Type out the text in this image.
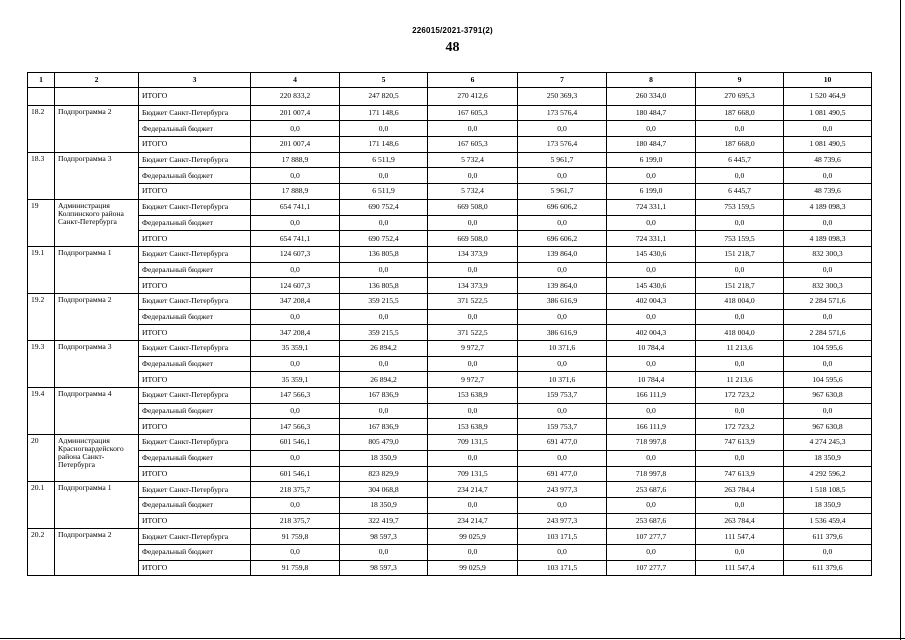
226015/2021-3791(2)
48
1	2	3	4	5	6	7	8	9	10
		ИТОГО	220 833,2	247 820,5	270 412,6	250 369,3	260 334,0	270 695,3	1 520 464,9
18.2	Подпрограмма 2	Бюджет Санкт-Петербурга	201 007,4	171 148,6	167 605,3	173 576,4	180 484,7	187 668,0	1 081 490,5
		Федеральный бюджет	0,0	0,0	0,0	0,0	0,0	0,0	0,0
		ИТОГО	201 007,4	171 148,6	167 605,3	173 576,4	180 484,7	187 668,0	1 081 490,5
18.3	Подпрограмма 3	Бюджет Санкт-Петербурга	17 888,9	6 511,9	5 732,4	5 961,7	6 199,0	6 445,7	48 739,6
		Федеральный бюджет	0,0	0,0	0,0	0,0	0,0	0,0	0,0
		ИТОГО	17 888,9	6 511,9	5 732,4	5 961,7	6 199,0	6 445,7	48 739,6
19	Администрация Колпинского района Санкт-Петербурга	Бюджет Санкт-Петербурга	654 741,1	690 752,4	669 508,0	696 606,2	724 331,1	753 159,5	4 189 098,3
		Федеральный бюджет	0,0	0,0	0,0	0,0	0,0	0,0	0,0
		ИТОГО	654 741,1	690 752,4	669 508,0	696 606,2	724 331,1	753 159,5	4 189 098,3
19.1	Подпрограмма 1	Бюджет Санкт-Петербурга	124 607,3	136 805,8	134 373,9	139 864,0	145 430,6	151 218,7	832 300,3
		Федеральный бюджет	0,0	0,0	0,0	0,0	0,0	0,0	0,0
		ИТОГО	124 607,3	136 805,8	134 373,9	139 864,0	145 430,6	151 218,7	832 300,3
19.2	Подпрограмма 2	Бюджет Санкт-Петербурга	347 208,4	359 215,5	371 522,5	386 616,9	402 004,3	418 004,0	2 284 571,6
		Федеральный бюджет	0,0	0,0	0,0	0,0	0,0	0,0	0,0
		ИТОГО	347 208,4	359 215,5	371 522,5	386 616,9	402 004,3	418 004,0	2 284 571,6
19.3	Подпрограмма 3	Бюджет Санкт-Петербурга	35 359,1	26 894,2	9 972,7	10 371,6	10 784,4	11 213,6	104 595,6
		Федеральный бюджет	0,0	0,0	0,0	0,0	0,0	0,0	0,0
		ИТОГО	35 359,1	26 894,2	9 972,7	10 371,6	10 784,4	11 213,6	104 595,6
19.4	Подпрограмма 4	Бюджет Санкт-Петербурга	147 566,3	167 836,9	153 638,9	159 753,7	166 111,9	172 723,2	967 630,8
		Федеральный бюджет	0,0	0,0	0,0	0,0	0,0	0,0	0,0
		ИТОГО	147 566,3	167 836,9	153 638,9	159 753,7	166 111,9	172 723,2	967 630,8
20	Администрация Красногвардейского района Санкт-Петербурга	Бюджет Санкт-Петербурга	601 546,1	805 479,0	709 131,5	691 477,0	718 997,8	747 613,9	4 274 245,3
		Федеральный бюджет	0,0	18 350,9	0,0	0,0	0,0	0,0	18 350,9
		ИТОГО	601 546,1	823 829,9	709 131,5	691 477,0	718 997,8	747 613,9	4 292 596,2
20.1	Подпрограмма 1	Бюджет Санкт-Петербурга	218 375,7	304 068,8	234 214,7	243 977,3	253 687,6	263 784,4	1 518 108,5
		Федеральный бюджет	0,0	18 350,9	0,0	0,0	0,0	0,0	18 350,9
		ИТОГО	218 375,7	322 419,7	234 214,7	243 977,3	253 687,6	263 784,4	1 536 459,4
20.2	Подпрограмма 2	Бюджет Санкт-Петербурга	91 759,8	98 597,3	99 025,9	103 171,5	107 277,7	111 547,4	611 379,6
		Федеральный бюджет	0,0	0,0	0,0	0,0	0,0	0,0	0,0
		ИТОГО	91 759,8	98 597,3	99 025,9	103 171,5	107 277,7	111 547,4	611 379,6
